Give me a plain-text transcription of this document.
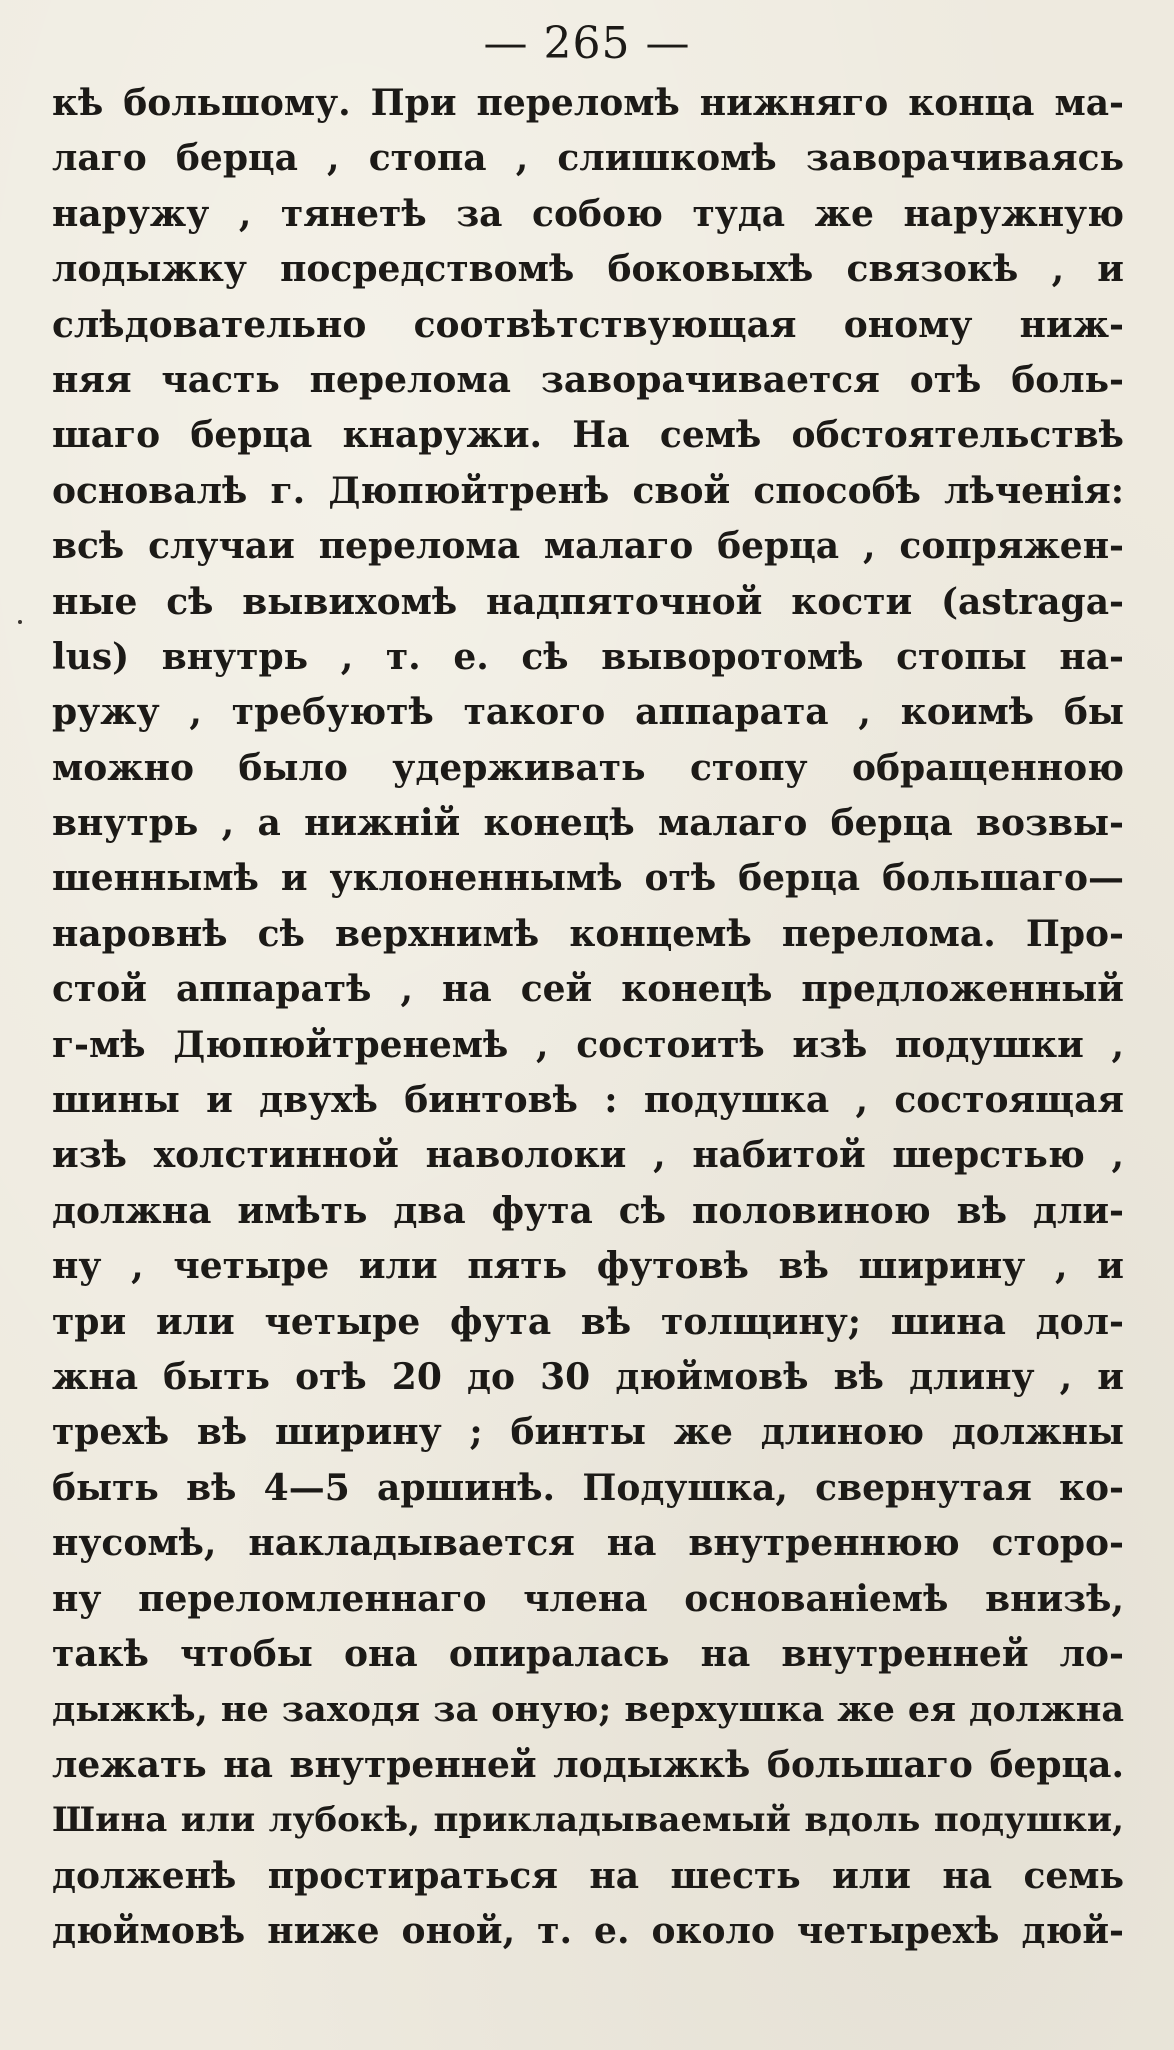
— 265 —
кѣ большому. При переломѣ нижняго конца ма-
лаго берца , стопа , слишкомѣ заворачиваясь
наружу , тянетѣ за собою туда же наружную
лодыжку посредствомѣ боковыхѣ связокѣ , и
слѣдовательно соотвѣтствующая оному ниж-
няя часть перелома заворачивается отѣ боль-
шаго берца кнаружи. На семѣ обстоятельствѣ
основалѣ г. Дюпюйтренѣ свой способѣ лѣченія:
всѣ случаи перелома малаго берца , сопряжен-
ные сѣ вывихомѣ надпяточной кости (astraga-
lus) внутрь , т. е. сѣ выворотомѣ стопы на-
ружу , требуютѣ такого аппарата , коимѣ бы
можно было удерживать стопу обращенною
внутрь , а нижній конецѣ малаго берца возвы-
шеннымѣ и уклоненнымѣ отѣ берца большаго—
наровнѣ сѣ верхнимѣ концемѣ перелома. Про-
стой аппаратѣ , на сей конецѣ предложенный
г-мѣ Дюпюйтренемѣ , состоитѣ изѣ подушки ,
шины и двухѣ бинтовѣ : подушка , состоящая
изѣ холстинной наволоки , набитой шерстью ,
должна имѣть два фута сѣ половиною вѣ дли-
ну , четыре или пять футовѣ вѣ ширину , и
три или четыре фута вѣ толщину; шина дол-
жна быть отѣ 20 до 30 дюймовѣ вѣ длину , и
трехѣ вѣ ширину ; бинты же длиною должны
быть вѣ 4—5 аршинѣ. Подушка, свернутая ко-
нусомѣ, накладывается на внутреннюю сторо-
ну переломленнаго члена основаніемѣ внизѣ,
такѣ чтобы она опиралась на внутренней ло-
дыжкѣ, не заходя за оную; верхушка же ея должна
лежать на внутренней лодыжкѣ большаго берца.
Шина или лубокѣ, прикладываемый вдоль подушки,
долженѣ простираться на шесть или на семь
дюймовѣ ниже оной, т. е. около четырехѣ дюй-
